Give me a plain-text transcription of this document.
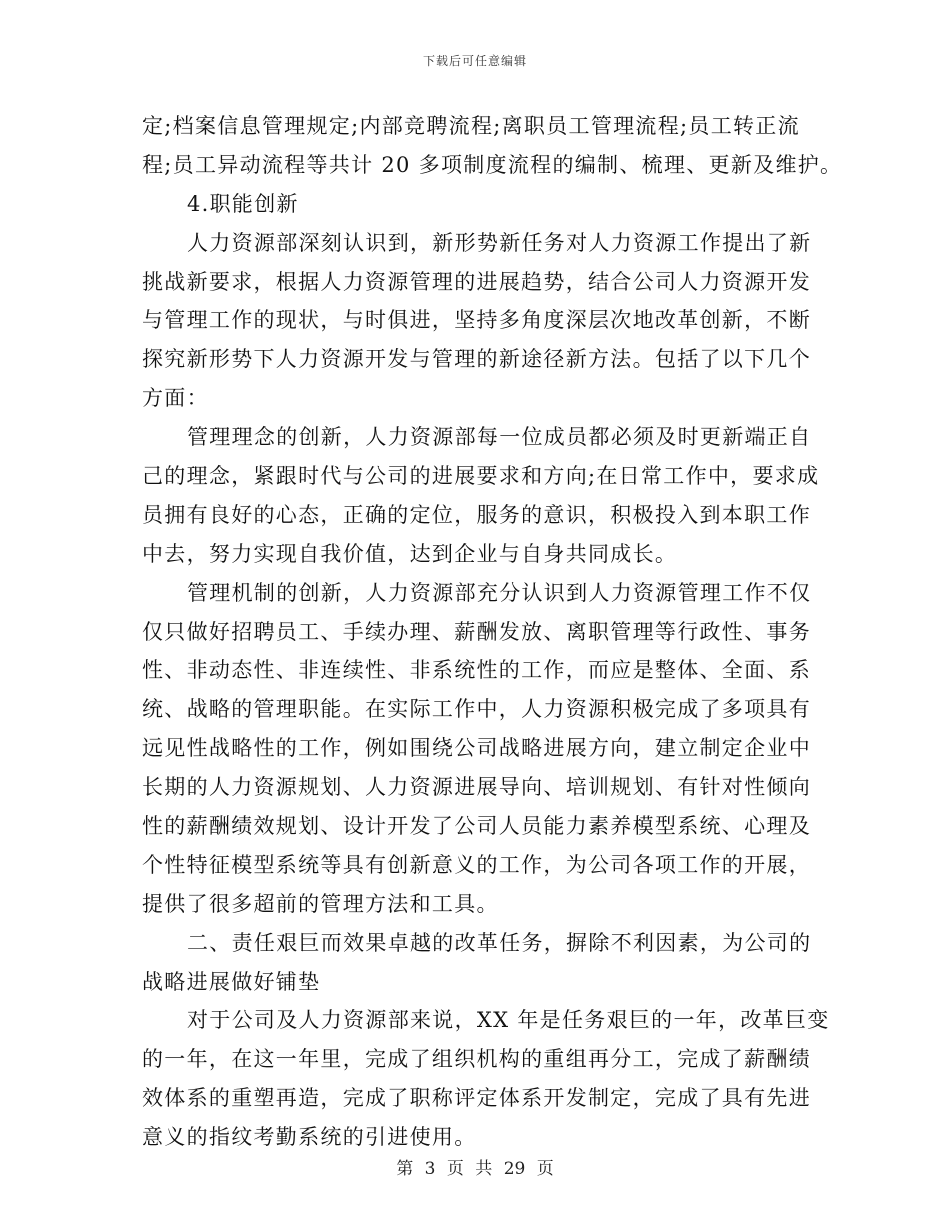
下载后可任意编辑
定;档案信息管理规定;内部竞聘流程;离职员工管理流程;员工转正流
程;员工异动流程等共计 20 多项制度流程的编制、梳理、更新及维护。
4.职能创新
人力资源部深刻认识到，新形势新任务对人力资源工作提出了新
挑战新要求，根据人力资源管理的进展趋势，结合公司人力资源开发
与管理工作的现状，与时俱进，坚持多角度深层次地改革创新，不断
探究新形势下人力资源开发与管理的新途径新方法。包括了以下几个
方面：
管理理念的创新，人力资源部每一位成员都必须及时更新端正自
己的理念，紧跟时代与公司的进展要求和方向;在日常工作中，要求成
员拥有良好的心态，正确的定位，服务的意识，积极投入到本职工作
中去，努力实现自我价值，达到企业与自身共同成长。
管理机制的创新，人力资源部充分认识到人力资源管理工作不仅
仅只做好招聘员工、手续办理、薪酬发放、离职管理等行政性、事务
性、非动态性、非连续性、非系统性的工作，而应是整体、全面、系
统、战略的管理职能。在实际工作中，人力资源积极完成了多项具有
远见性战略性的工作，例如围绕公司战略进展方向，建立制定企业中
长期的人力资源规划、人力资源进展导向、培训规划、有针对性倾向
性的薪酬绩效规划、设计开发了公司人员能力素养模型系统、心理及
个性特征模型系统等具有创新意义的工作，为公司各项工作的开展，
提供了很多超前的管理方法和工具。
二、责任艰巨而效果卓越的改革任务，摒除不利因素，为公司的
战略进展做好铺垫
对于公司及人力资源部来说，XX 年是任务艰巨的一年，改革巨变
的一年，在这一年里，完成了组织机构的重组再分工，完成了薪酬绩
效体系的重塑再造，完成了职称评定体系开发制定，完成了具有先进
意义的指纹考勤系统的引进使用。
第 3 页 共 29 页
